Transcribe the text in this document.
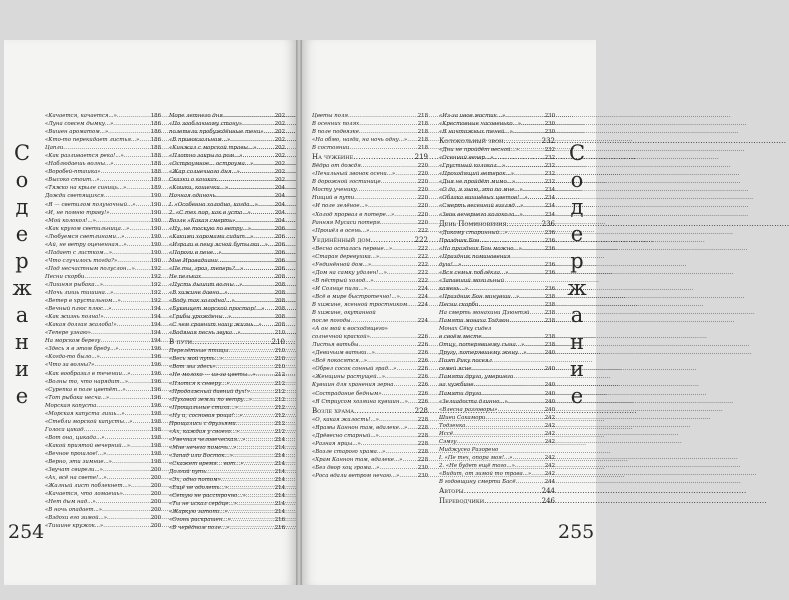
С
о
д
е
р
ж
а
н
и
е
«Качается, качается...» .....	186
«Луна совсем дымку...» .....	186
«Вишен ароматом...» .....	186
«Кто-то перекидает листья...» ..... 186
Цапли .....	188
«Как разливается река!...» .....	188
«Наблюдаешь волны...» .....	188
«Воробей-пташка» .....	188
«Высоко стоит...» .....	189
«Тяжко на крыле синиць...» .....	189
Дожди светящихся .....	190
«Я — светилом полуночный...» .....	190
«И, не помню траву!» .....	190
«Мой колокол!...» .....	190
«Как кругом светильница...» .....	190
«Любуемся светлинами...» .....	190
«Ай, не ветру оцененная...» .....	190
«Падает с листком...» .....	190
«Что случилось тогда?» .....	190
«Под несчастным полуслон...» .....	192
Песни скорби .....	192
«Лишняя рыбака...» .....	192
«Ночь лишь тишина...» .....	192
«Ветер в хрустальном...» .....	192
«Вечный плюс плюс...» .....	194
«Как жизнь полна!» .....	194
«Какая долгая жалоба!» .....	194
«Тепере узнаю» .....	194
На морском берегу .....	194
«Здесь я в этом бреду...» .....	196
«Когда-то было...» .....	196
«Что за волны?» .....	196
«Как вообразил в течении...» .....	196
«Волны то, что нарядит...» .....	196
«Сурепка в поле цветёт...» .....	196
«Тот рыбака несча...» .....	196
Морская капуста .....	196
«Морская капуста лишь...» .....	198
«Стебли морской капусты...» .....	198
Голоса цикад .....	198
«Вот она, цикада...» .....	198
«Какой приятой вечерний...» .....	198
«Вечное прошлое!...» .....	198
«Верно, эти зимние...» .....	198
«Звучат свирели...» .....	200
«Ах, всё на свете!...» .....	200
«Жалный лист поблекнет...» .....	200
«Качается, что ломаешь» .....	200
«Нет дым над...» .....	200
«В ночь опадает...» .....	200
«Вздохи его зимой...» .....	200
«Тишине кружок...» .....	200
Море летнего дня .....	202
«По заоблачному стану» .....	202
полетели пробуждённые тени» ..... 202
«В привокзальном...» .....	202
«Кинжал с морской травы...» .....	202
«Плотно закрыла ром...» .....	202
«Остроумное... остроума...» .....	202
«Жар солнечного дня...» .....	202
Сказки о кошках .....	202
«Кошки, кошечки...» .....	204
Ночная одиночь .....	204
I. «Особенно холодно, когда...» .....	204
2. «С тех пор, как в уста...» .....	204
Возле «Какая смерть» .....	204
«Ну, не тоскую по ветру...» .....	206
«Какими хоромами сидит...» .....	206
«Играли в пену ясной бутылки...» ..... 206
«Пороги в пене...» .....	206
Мне Иравадиани... .....	206
«Пе ты, гроз, теперь?...» .....	206
Не пельках .....	208
«Пусть дышит волны...» .....	208
«В хижине давно...» .....	208
«Воду так холодна!...» .....	208
«Буквицет морской простор!...» ..... 208
«Грибы урождены...» .....	208
«С чем сравнит нашу жизнь...» ..... 208
«Водяная песнь звука...» .....	210
В пути .....	210
Перелётные птицы .....	210
«Весь мой путь...» .....	210
«Вот мы здесь» .....	210
«Не молоко — из-за цветы...» .....	212
«Плотся к северу...» .....	212
«Продолжный давний дух!» .....	212
«Пуховой земли по ветру...» .....	212
«Прощальные стихи...» .....	212
«Ну и, сосновая роща!...» .....	212
Прощались с друзьями .....	212
«Ах, каждая у своего...» .....	212
«Увечная человеческая...» .....	214
«Мне нечего помочь...» .....	214
«Запад или Восток...» .....	214
«Скажет время... вот...» .....	214
Долгий путь .....	214
«Эх, одно потом» .....	214
«Ещё не одолеть...» .....	214
«Сетую не расстрочно...» .....	214
«Ты не искал сердце...» .....	214
«Жаркую затопи...» .....	214
«Огонь раскрашен...» .....	216
«В черёдном поле...» .....	216
254
С
о
д
е
р
ж
а
н
и
е
Цветы поля .....	218
В осенних полях .....	218
В поле подвязке .....	218
«На обмо, нагда, на ночь одну...» ..... 218
В состоянии .....	218
На чужбине .....	219
Вёдра от дождя .....	220
«Печальный звонок осени...» .....	220
В дорожной гостинице .....	220
Мосту ученику .....	220
Нищий в пути .....	220
«И поле зелёное...» .....	220
«Холод прорвал в потере...» .....	220
Ранняя Мусаси потеря .....	220
«Прошёл в осень...» .....	222
Уединённый дом .....	222
«Весна осталась первые...» .....	222
«Старая деревушка...» .....	222
«Уединённой дом...» .....	222
«Дом на самку удален!...» .....	222
«В пёстрый холод...» .....	222
«И Солнце пили...» .....	224
«Всё в мире быстротечно!...» .....	224
В хижине, ясенной тростником... ..... 224
В хижине, окутанной
после погоды .....	224
«А он мой к восходящего»
солнечной краской» .....	226
Листья ватьбы .....	226
«Девичьим ватьки...» .....	226
«Всё покосятся...» .....	226
«Обрел сосок сонный град...» .....	226
«Женщины растущей...» .....	226
Кувшин для хранения зерна .....	226
«Сострадание бедным» .....	226
«Я Стриусом хозяина кувшин...» ..... 226
Возле храма .....	228
«О, какая жалость!...» .....	228
«Ярамы Каннон там, вдалеке...» ..... 228
«Дрёвесно старный...» .....	228
«Разная ярцы...» .....	228
«Возле старого храма...» .....	228
«Храм Каннон там, вдалеке...» .....	228
«Без двор хоц грома...» .....	230
«Роса вдали ветром нечаю...» .....	230
«Из-за ивов мостик...» .....	230
«Крестовные часовенько...» .....	230
«Я ничтожных теней...» .....	230
Колокольный звон .....	232
«Дни не пройдёт весной...» .....	232
«Осенний вечер...» .....	232
«Грустный колокол...» .....	232
«Проходящий ветерок...» .....	232
«Дня не пройдёт мимо...» .....	232
«О да, я знаю, это по мне...» .....	234
«Облака вишнёвых цветов!...» .....	234
«Смерть весенний взгляд...» .....	234
«Звон вечернего колокола...» .....	234
День Поминовения .....	236
«Дикому старинный...» .....	236
Праздник Бон .....	236
«На праздник Бон можно...» .....	236
«Праздник поминовения
душ!...» .....	236
«Вся семья поблёкла...» .....	236
«Запавший могильный
камень...» .....	236
«Праздник Бон минувши...» .....	238
Песни скорби .....	238
На смерть монахини Дзюнтэй .....	238
Памяти монаха Тодзюн .....	238
Монах Сёку сидел
в своём месте .....	238
Отцу, потерявшему сына...» .....	238
Другу, потерявшему жену...» .....	240
Поэт Рику посеял
семей ясне .....	240
Памяти друга, умершего
на чужбине .....	240
Памяти друга .....	240
«Зелиадоста длинно...» .....	240
«Влесна разговоры» .....	240
Шиеи Сакамори .....	242
Тодзенка .....	242
Иссё .....	242
Сэмгу .....	242
Миджусеа Разорено
I. «Пе тех, опора моя!...» .....	242
2. «Не будет ещё того...» .....	242
«Видит, от зимой то трава...» .....	242
В годовщину смерти Басё .....	244
Авторы .....	244
Переводчики .....	246
255
